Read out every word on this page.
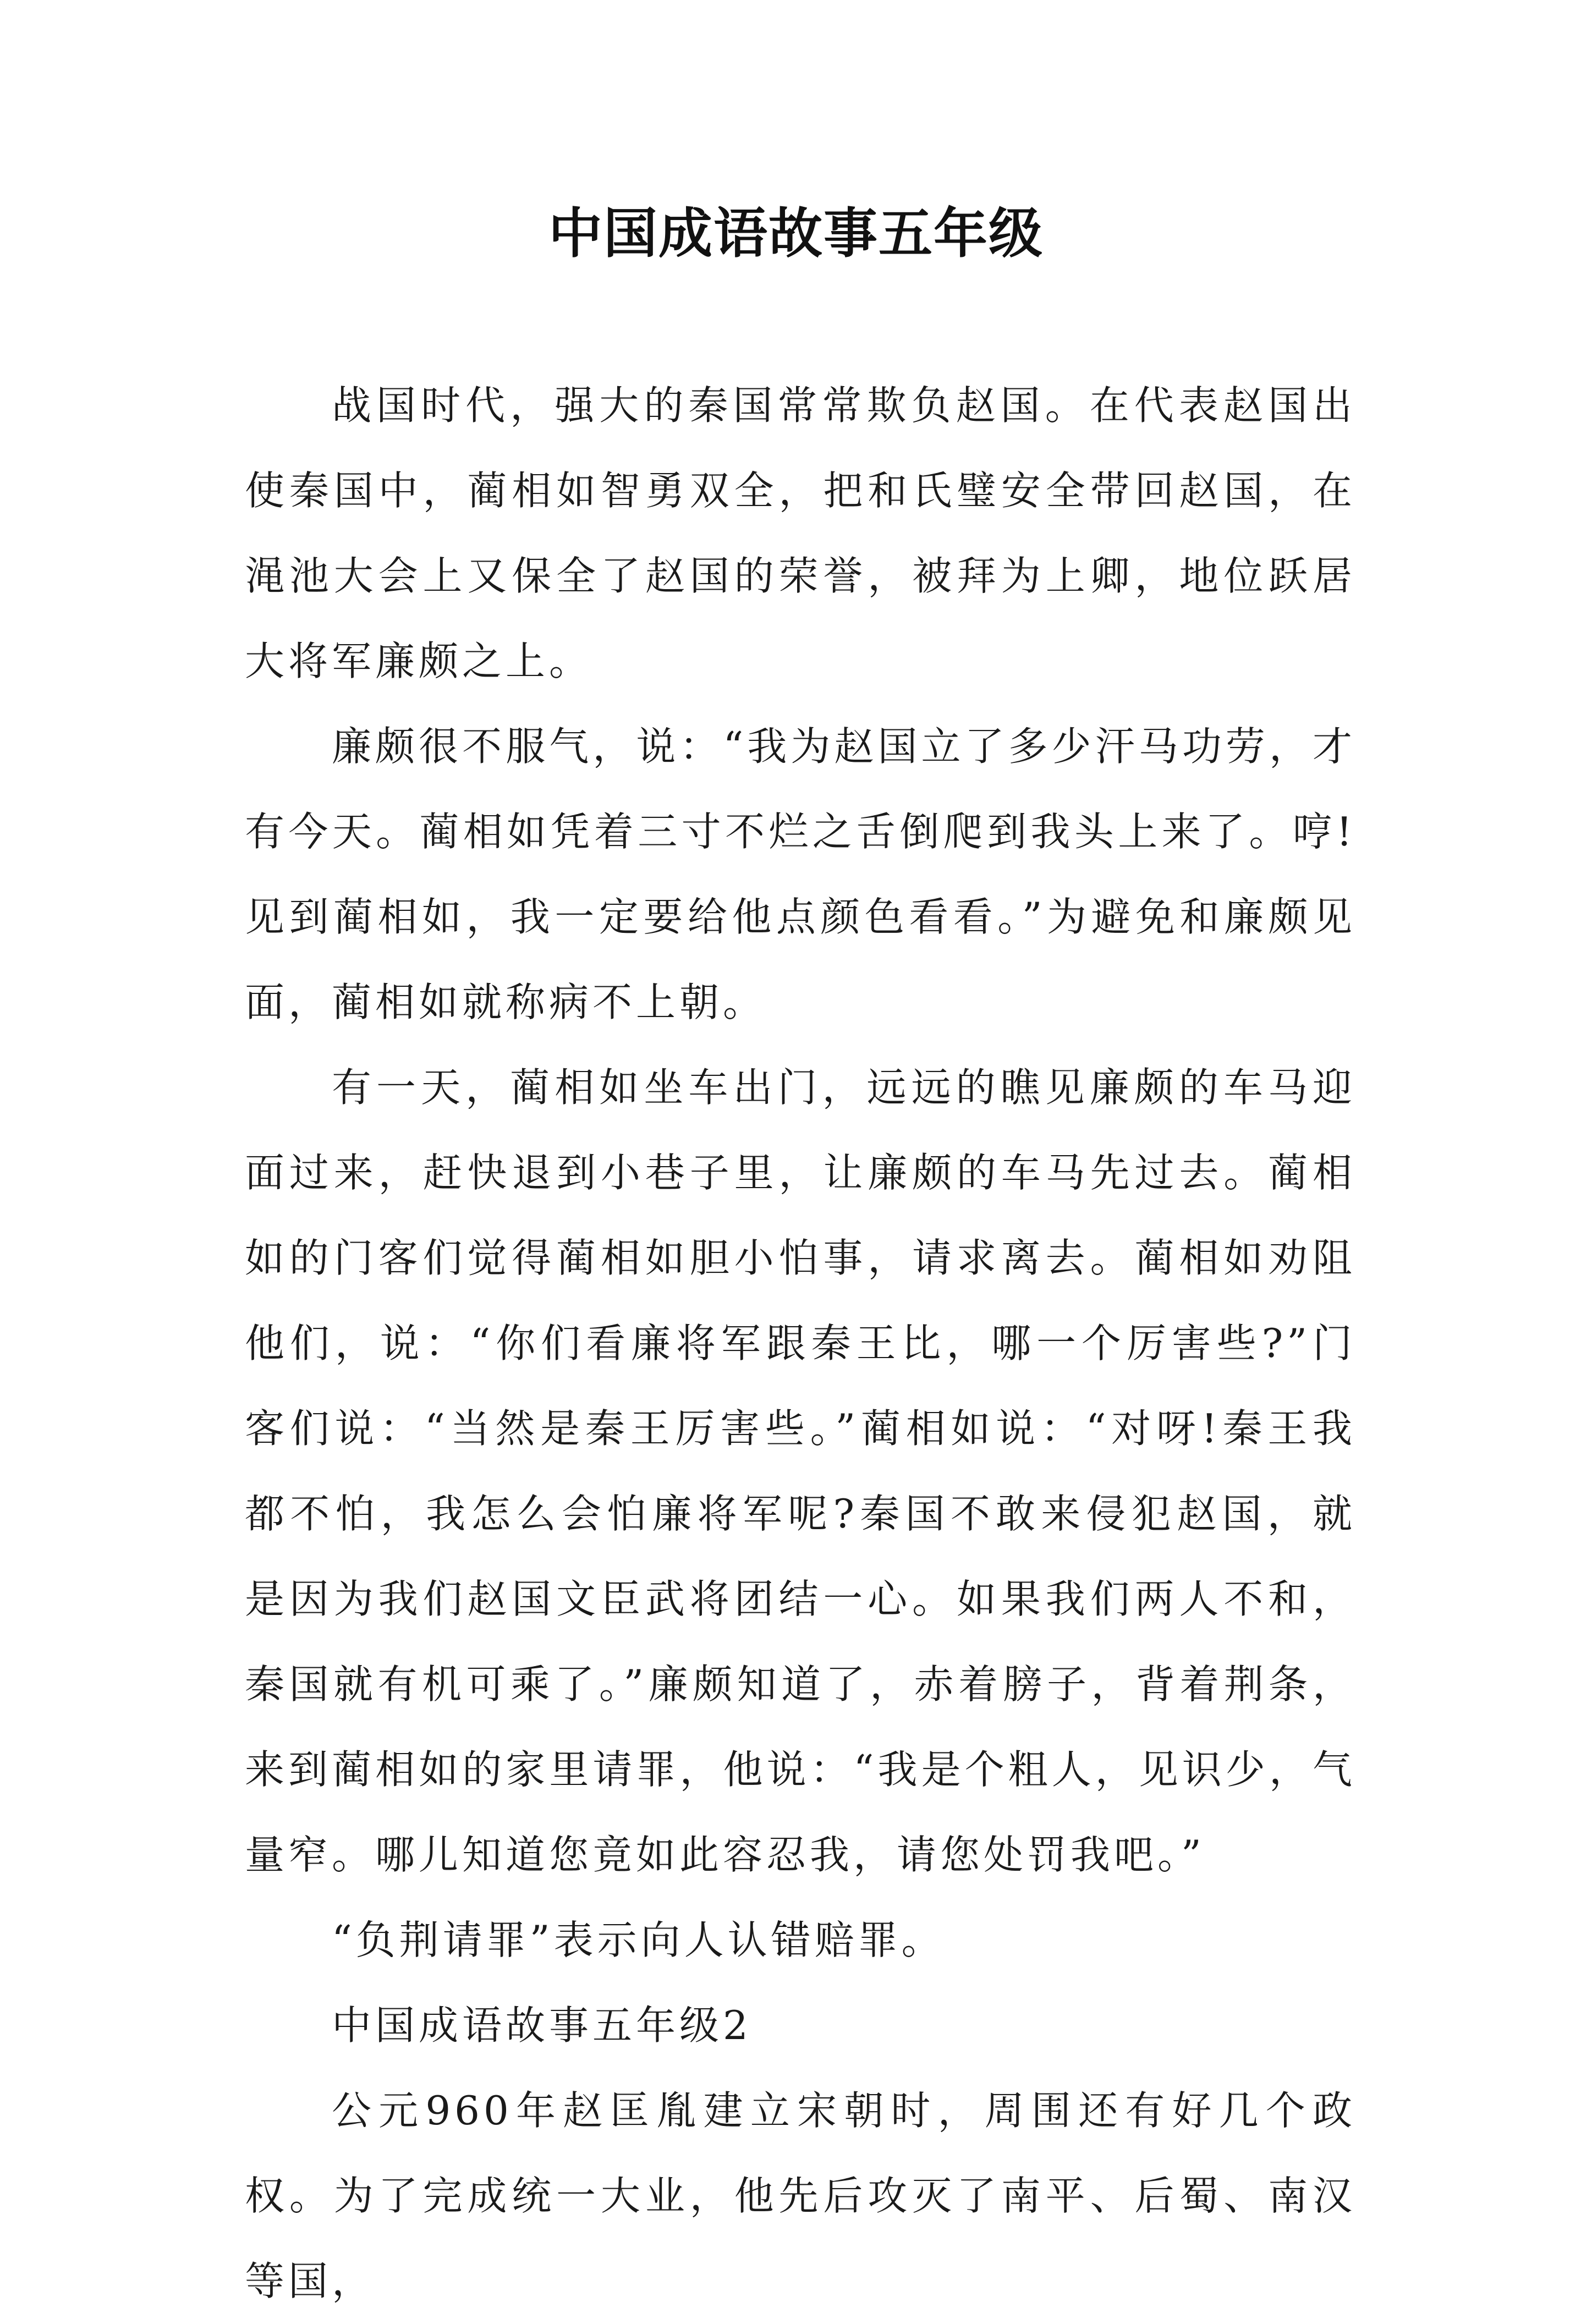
中国成语故事五年级

战国时代，强大的秦国常常欺负赵国。在代表赵国出使秦国中，蔺相如智勇双全，把和氏璧安全带回赵国，在渑池大会上又保全了赵国的荣誉，被拜为上卿，地位跃居大将军廉颇之上。

廉颇很不服气，说：“我为赵国立了多少汗马功劳，才有今天。蔺相如凭着三寸不烂之舌倒爬到我头上来了。哼!见到蔺相如，我一定要给他点颜色看看。”为避免和廉颇见面，蔺相如就称病不上朝。

有一天，蔺相如坐车出门，远远的瞧见廉颇的车马迎面过来，赶快退到小巷子里，让廉颇的车马先过去。蔺相如的门客们觉得蔺相如胆小怕事，请求离去。蔺相如劝阻他们，说：“你们看廉将军跟秦王比，哪一个厉害些?”门客们说：“当然是秦王厉害些。”蔺相如说：“对呀!秦王我都不怕，我怎么会怕廉将军呢?秦国不敢来侵犯赵国，就是因为我们赵国文臣武将团结一心。如果我们两人不和，秦国就有机可乘了。”廉颇知道了，赤着膀子，背着荆条，来到蔺相如的家里请罪，他说：“我是个粗人，见识少，气量窄。哪儿知道您竟如此容忍我，请您处罚我吧。”

“负荆请罪”表示向人认错赔罪。

中国成语故事五年级2

公元960年赵匡胤建立宋朝时，周围还有好几个政权。为了完成统一大业，他先后攻灭了南平、后蜀、南汉等国，
